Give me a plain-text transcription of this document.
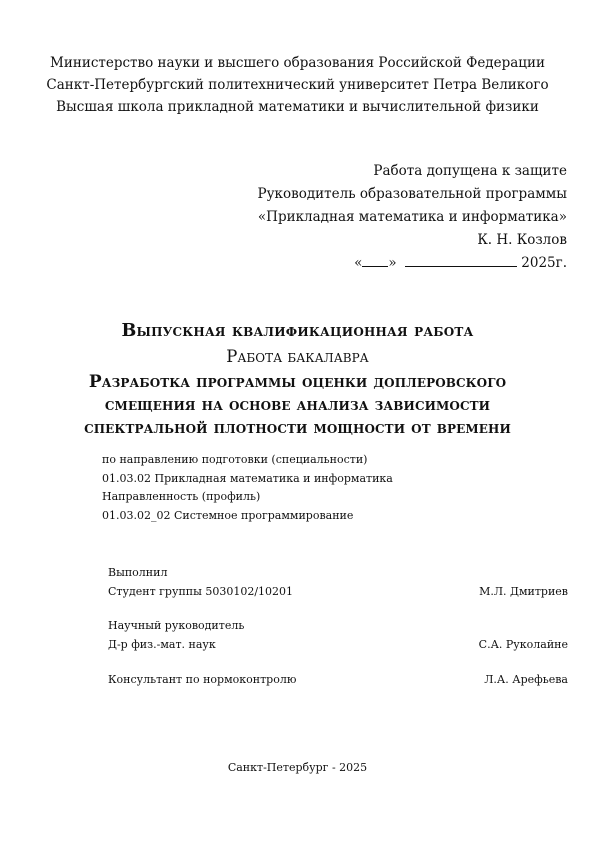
Министерство науки и высшего образования Российской Федерации
Санкт-Петербургский политехнический университет Петра Великого
Высшая школа прикладной математики и вычислительной физики
Работа допущена к защите
Руководитель образовательной программы
«Прикладная математика и информатика»
К. Н. Козлов
« »	2025г.
Выпускная квалификационная работа
Работа бакалавра
Разработка программы оценки доплеровского
смещения на основе анализа зависимости
спектральной плотности мощности от времени
по направлению подготовки (специальности)
01.03.02 Прикладная математика и информатика
Направленность (профиль)
01.03.02_02 Системное программирование
Выполнил
Студент группы 5030102/10201	М.Л. Дмитриев
Научный руководитель
Д-р физ.-мат. наук	С.А. Руколайне
Консультант по нормоконтролю	Л.А. Арефьева
Санкт-Петербург - 2025
